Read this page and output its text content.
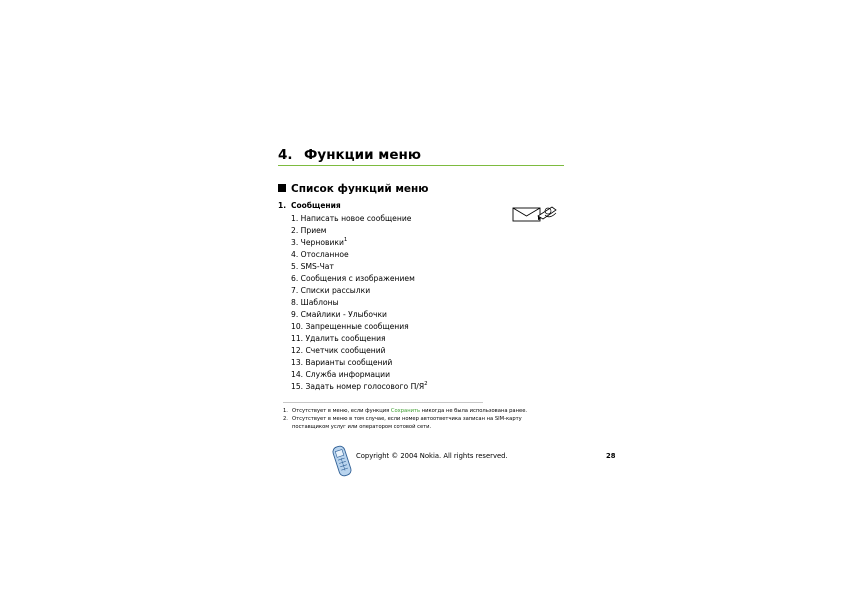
4. Функции меню
Список функций меню
1. Сообщения
1. Написать новое сообщение
2. Прием
3. Черновики$^1$
4. Отосланное
5. SMS-Чат
6. Сообщения с изображением
7. Списки рассылки
8. Шаблоны
9. Смайлики - Улыбочки
10. Запрещенные сообщения
11. Удалить сообщения
12. Счетчик сообщений
13. Варианты сообщений
14. Служба информации
15. Задать номер голосового $П/Я^2$
1. Отсутствует в меню, если функция Сохранить никогда не была использована ранее.
2. Отсутствует в меню в том случае, если номер автоответчика записан на SIM-карту поставщиком услуг или оператором сотовой сети.
Copyright © 2004 Nokia. All rights reserved.	28
